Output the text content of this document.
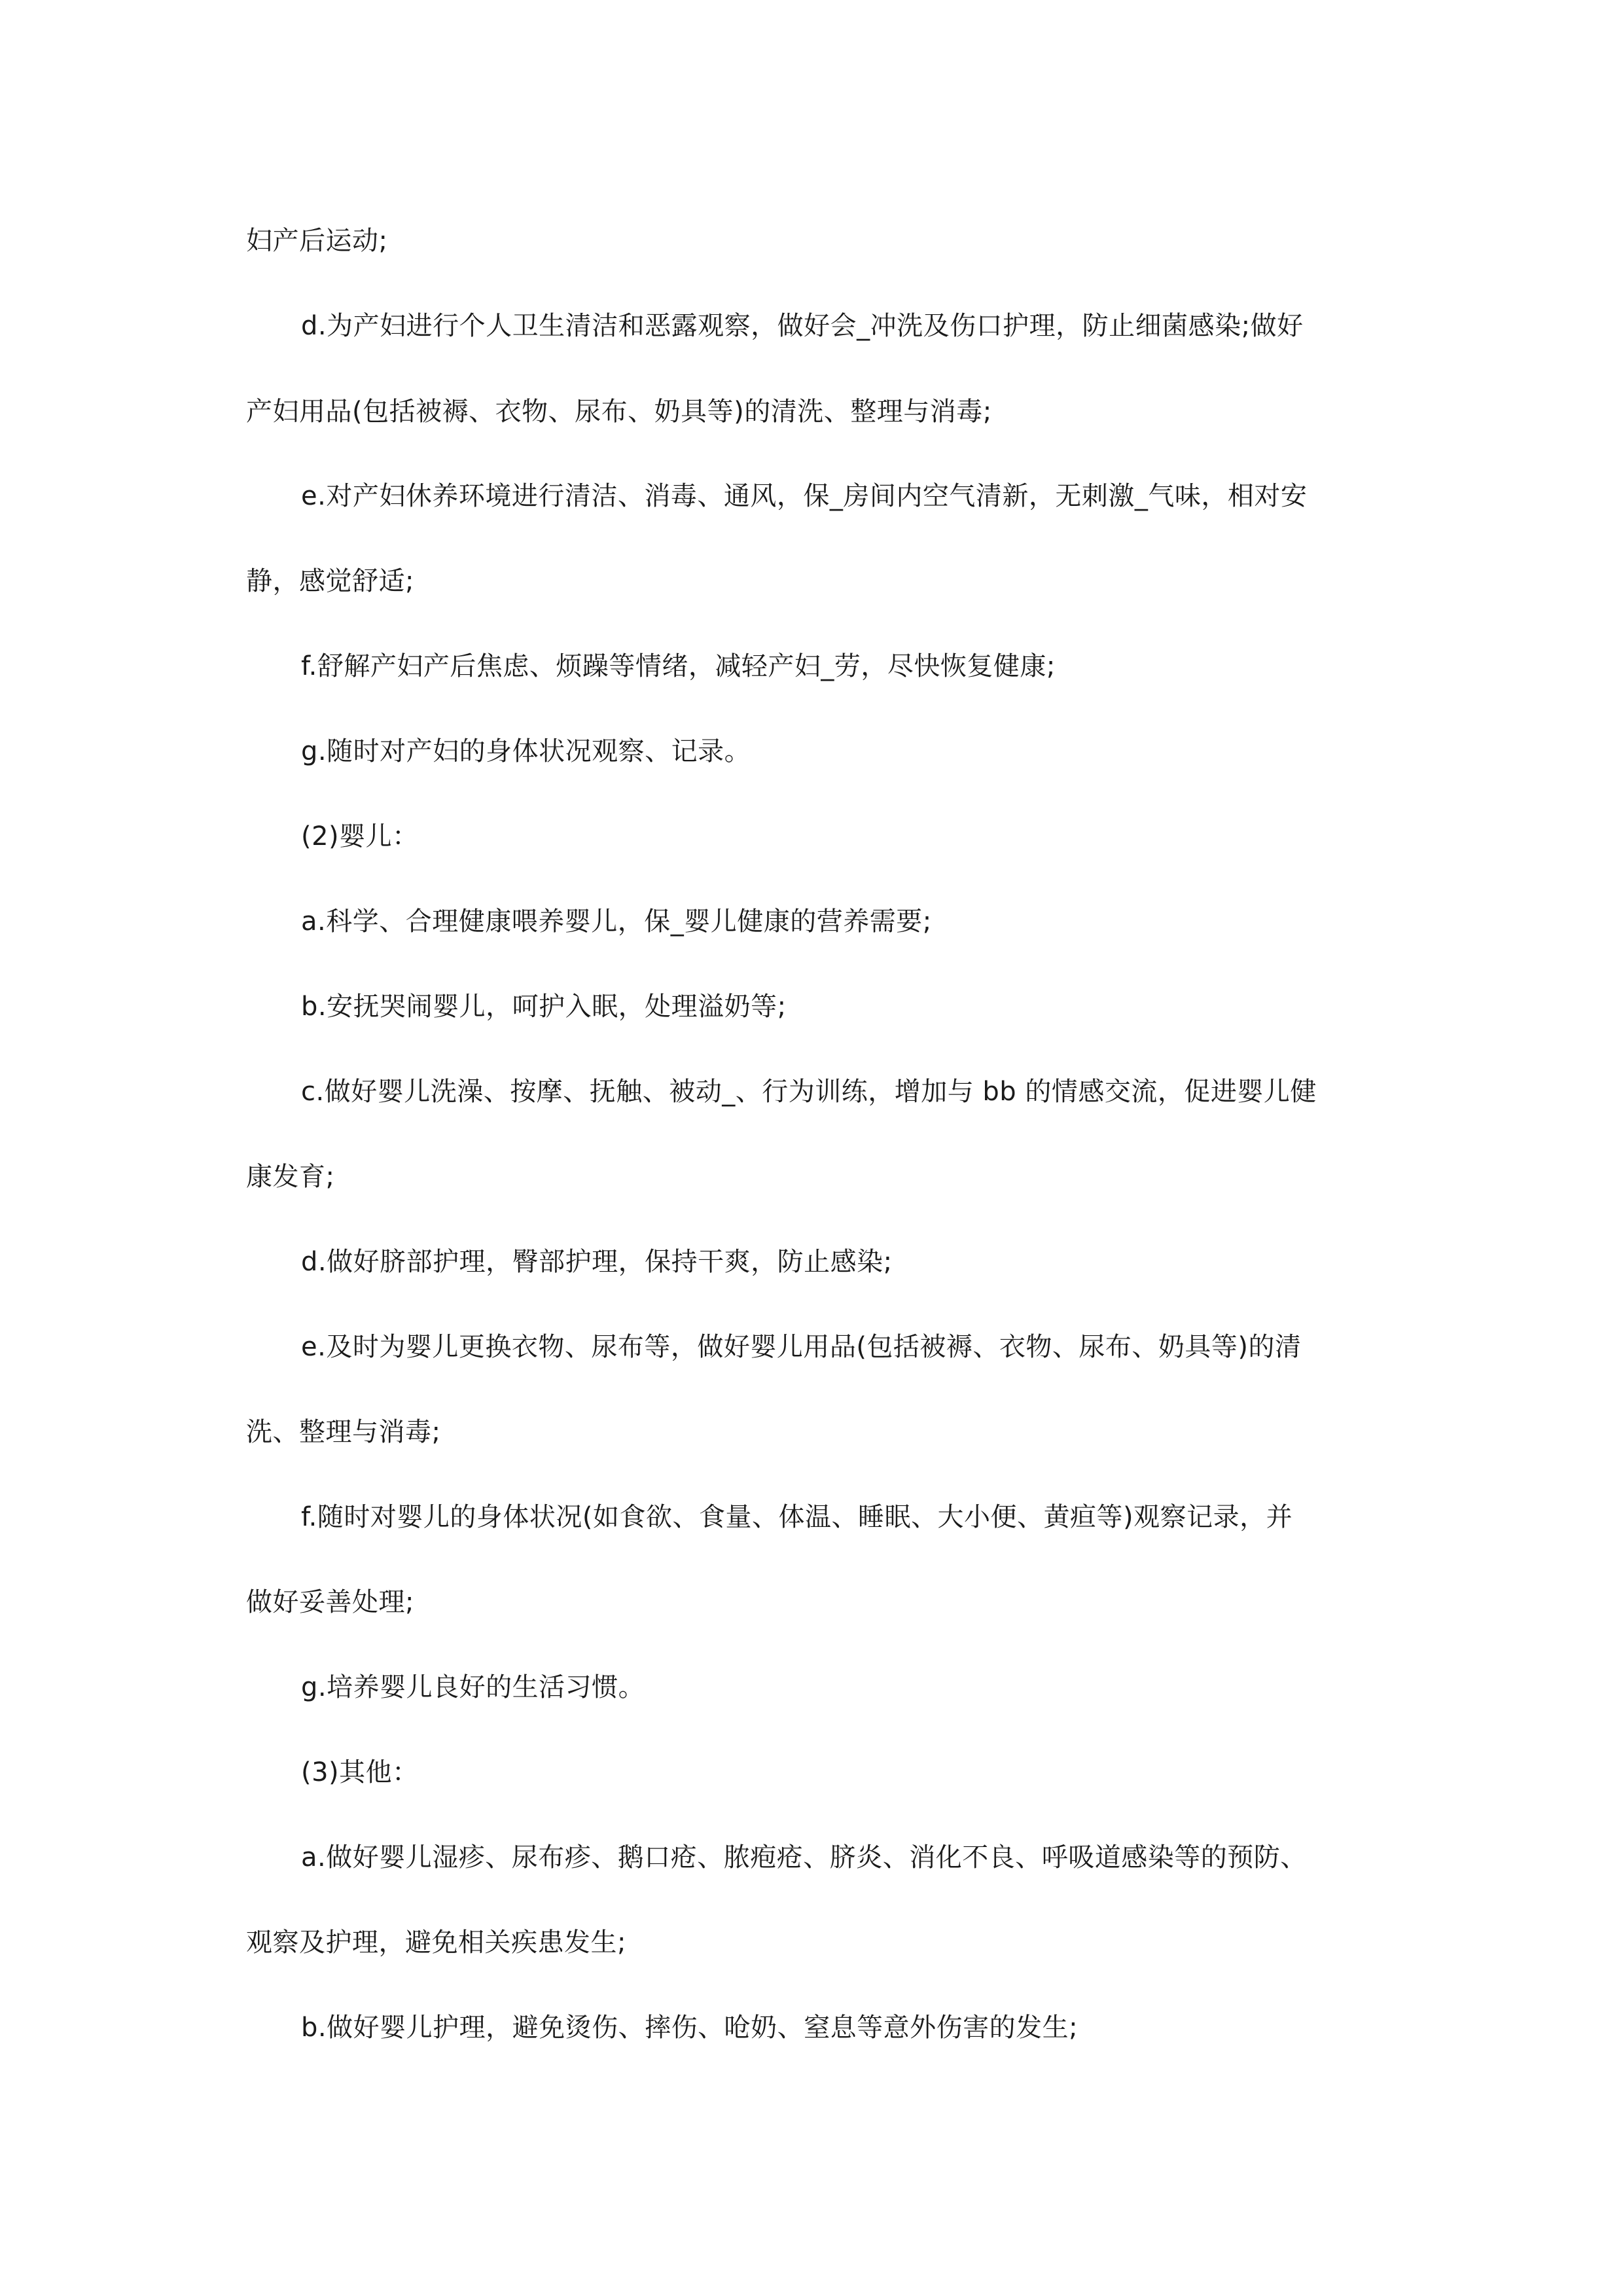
妇产后运动;
d.为产妇进行个人卫生清洁和恶露观察，做好会_冲洗及伤口护理，防止细菌感染;做好
产妇用品(包括被褥、衣物、尿布、奶具等)的清洗、整理与消毒;
e.对产妇休养环境进行清洁、消毒、通风，保_房间内空气清新，无刺激_气味，相对安
静，感觉舒适;
f.舒解产妇产后焦虑、烦躁等情绪，减轻产妇_劳，尽快恢复健康;
g.随时对产妇的身体状况观察、记录。
(2)婴儿：
a.科学、合理健康喂养婴儿，保_婴儿健康的营养需要;
b.安抚哭闹婴儿，呵护入眠，处理溢奶等;
c.做好婴儿洗澡、按摩、抚触、被动_、行为训练，增加与 bb 的情感交流，促进婴儿健
康发育;
d.做好脐部护理，臀部护理，保持干爽，防止感染;
e.及时为婴儿更换衣物、尿布等，做好婴儿用品(包括被褥、衣物、尿布、奶具等)的清
洗、整理与消毒;
f.随时对婴儿的身体状况(如食欲、食量、体温、睡眠、大小便、黄疸等)观察记录，并
做好妥善处理;
g.培养婴儿良好的生活习惯。
(3)其他：
a.做好婴儿湿疹、尿布疹、鹅口疮、脓疱疮、脐炎、消化不良、呼吸道感染等的预防、
观察及护理，避免相关疾患发生;
b.做好婴儿护理，避免烫伤、摔伤、呛奶、窒息等意外伤害的发生;
